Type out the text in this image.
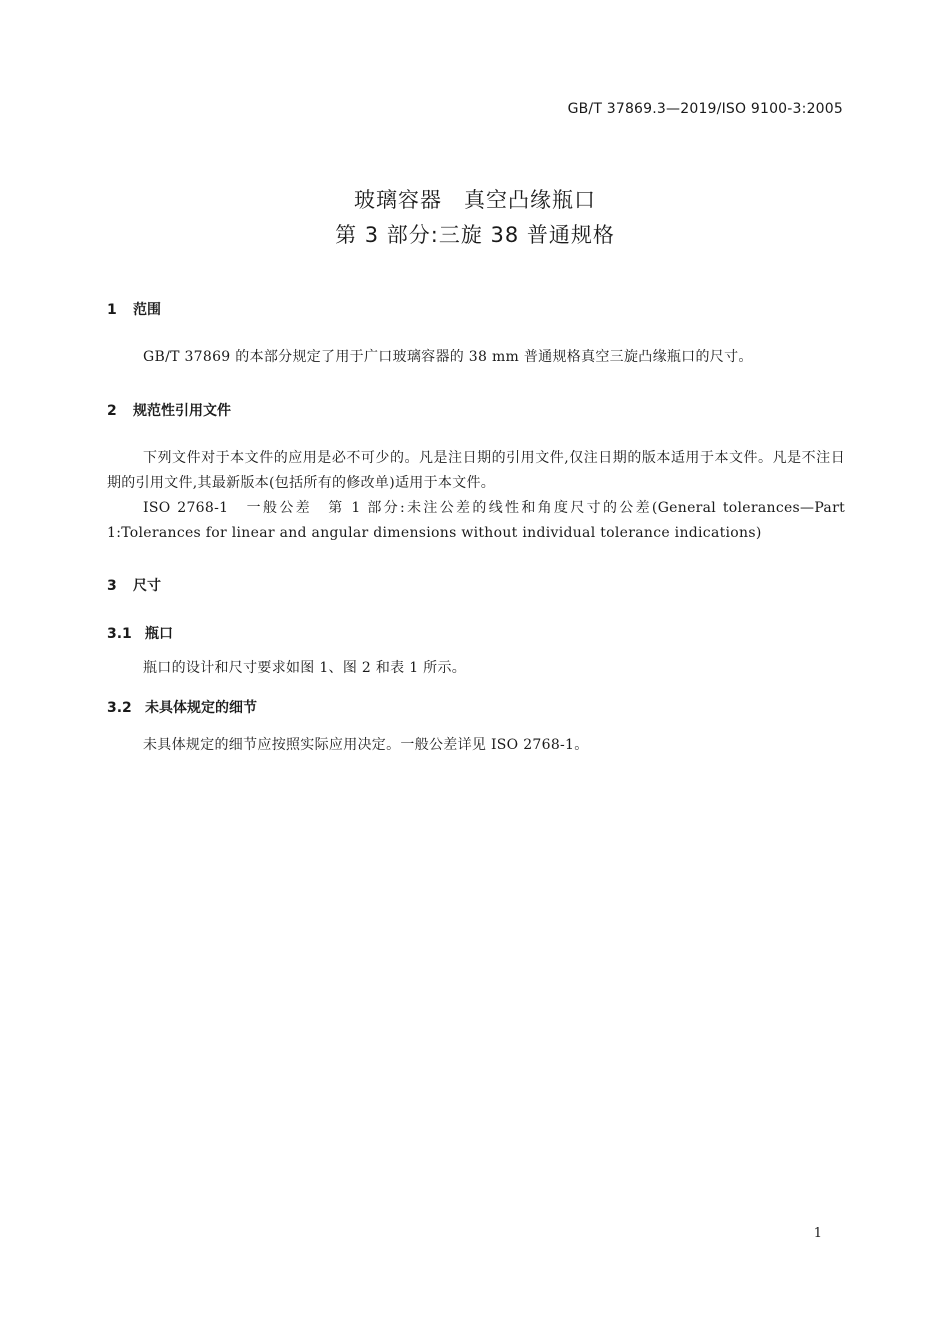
GB/T 37869.3—2019/ISO 9100-3:2005
玻璃容器　真空凸缘瓶口
第 3 部分:三旋 38 普通规格
1 范围
GB/T 37869 的本部分规定了用于广口玻璃容器的 38 mm 普通规格真空三旋凸缘瓶口的尺寸。
2 规范性引用文件
下列文件对于本文件的应用是必不可少的。凡是注日期的引用文件,仅注日期的版本适用于本文件。凡是不注日期的引用文件,其最新版本(包括所有的修改单)适用于本文件。
ISO 2768-1　一般公差　第 1 部分:未注公差的线性和角度尺寸的公差(General tolerances—Part 1:Tolerances for linear and angular dimensions without individual tolerance indications)
3 尺寸
3.1 瓶口
瓶口的设计和尺寸要求如图 1、图 2 和表 1 所示。
3.2 未具体规定的细节
未具体规定的细节应按照实际应用决定。一般公差详见 ISO 2768-1。
1
